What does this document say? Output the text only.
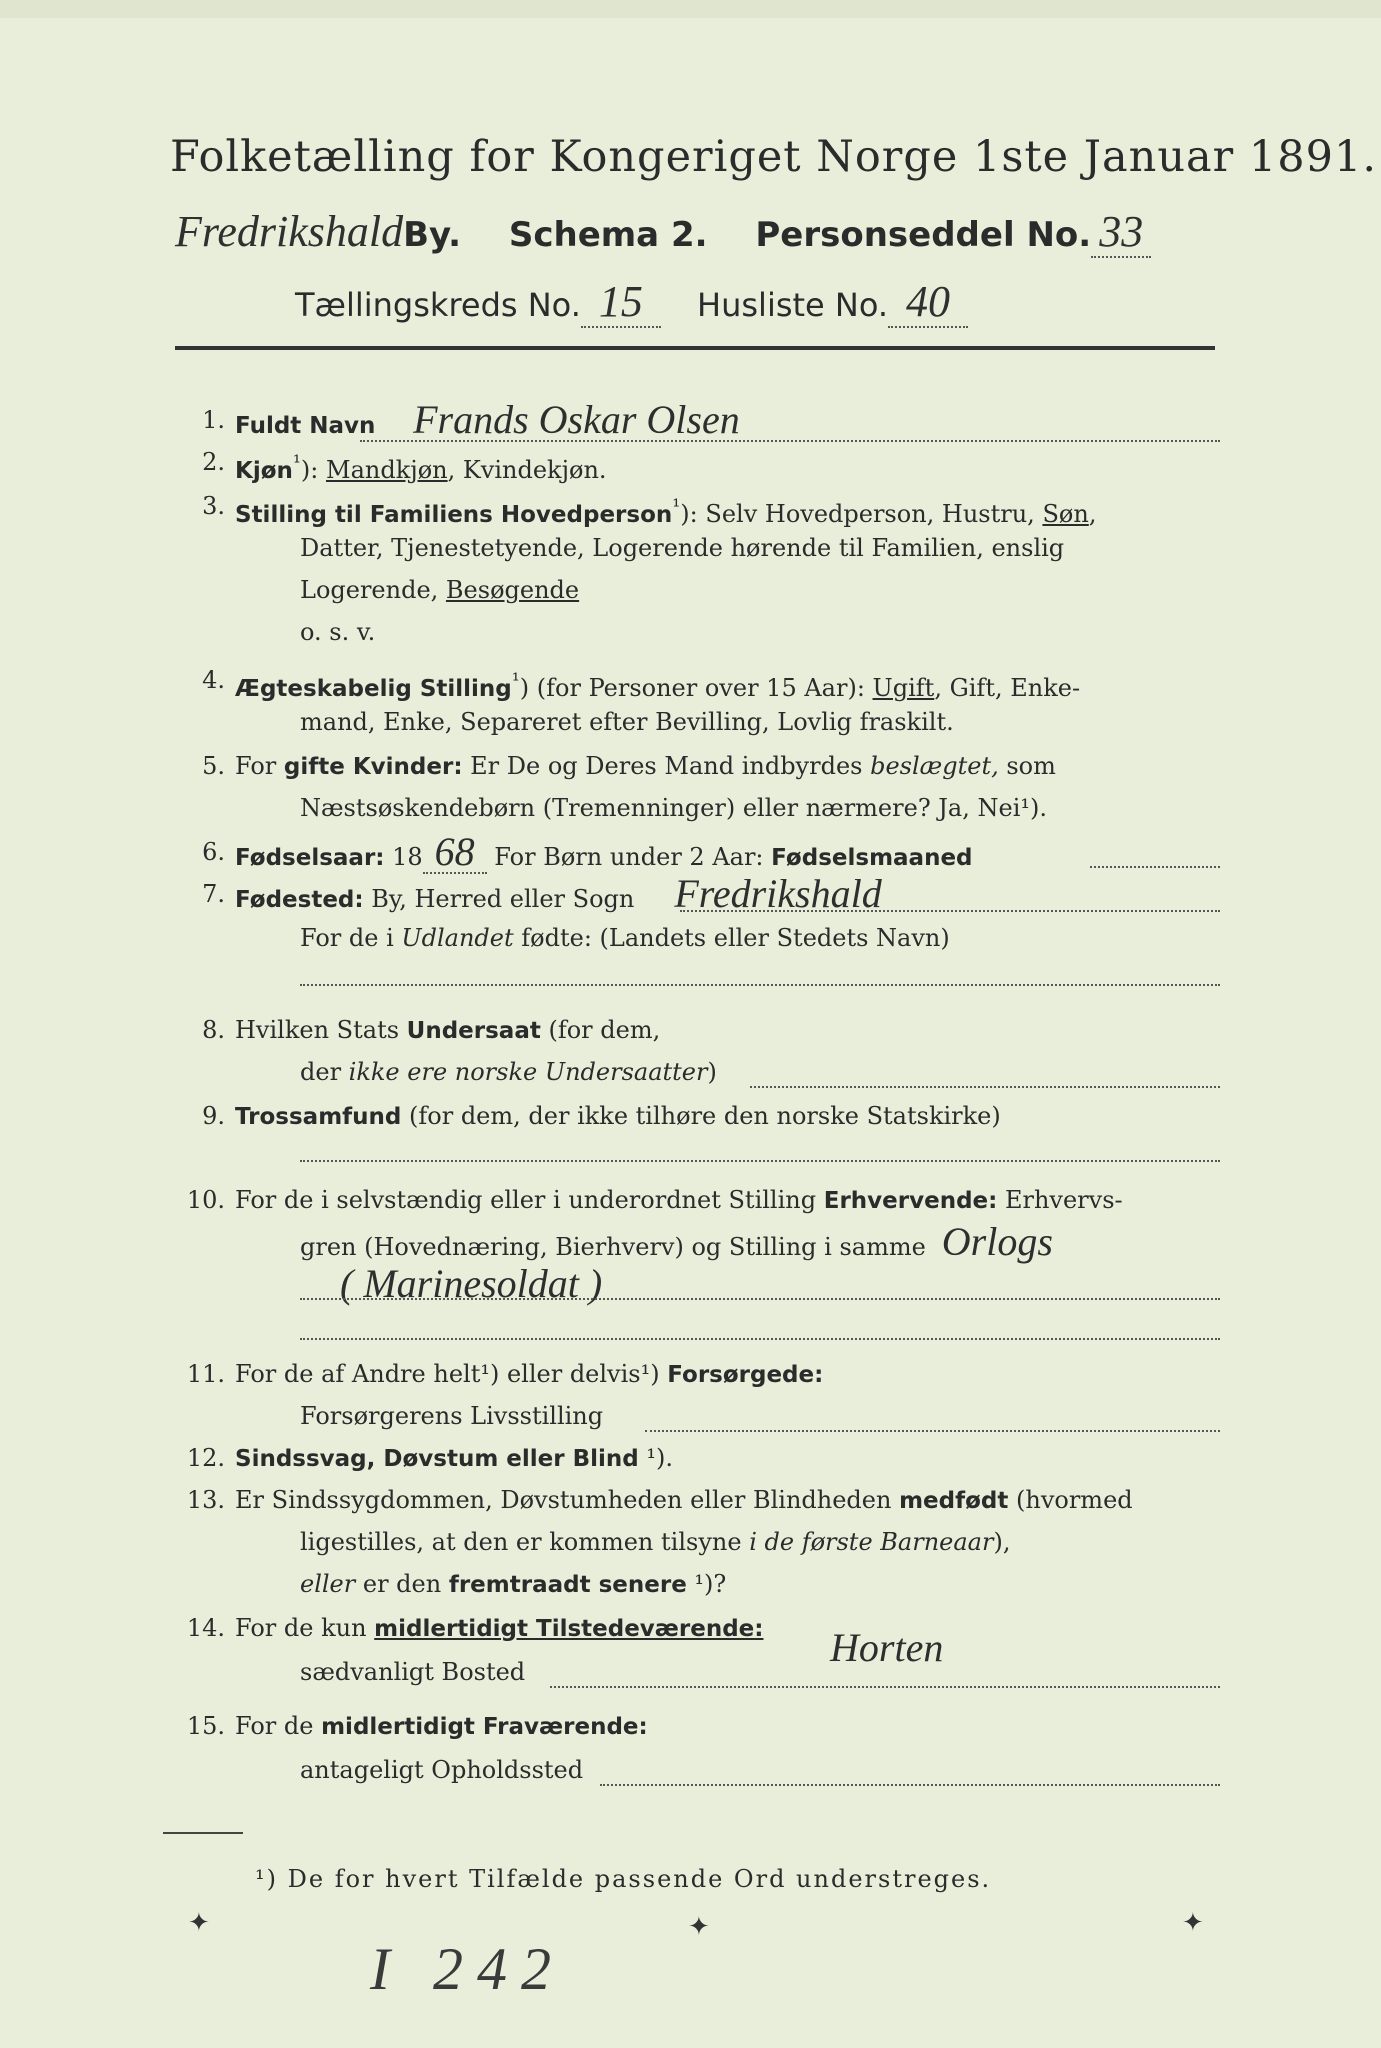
Folketælling for Kongeriget Norge 1ste Januar 1891.
FredrikshaldBy. Schema 2. Personseddel No. 33
Tællingskreds No. 15 Husliste No. 40
1. Fuldt Navn Frands Oskar Olsen
2. Kjøn$^{^1}$): Mandkjøn, Kvindekjøn.
3. Stilling til Familiens Hovedperson$^{^1}$): Selv Hovedperson, Hustru, Søn,
Datter, Tjenestetyende, Logerende hørende til Familien, enslig
Logerende, Besøgende
o. s. v.
4. Ægteskabelig Stilling$^{^1}$) (for Personer over 15 Aar): Ugift, Gift, Enke-
mand, Enke, Separeret efter Bevilling, Lovlig fraskilt.
5. For gifte Kvinder: Er De og Deres Mand indbyrdes beslægtet, som
Næstsøskendebørn (Tremenninger) eller nærmere? Ja, Nei¹).
6. Fødselsaar: 18 68 For Børn under 2 Aar: Fødselsmaaned
7. Fødested: By, Herred eller Sogn Fredrikshald
For de i Udlandet fødte: (Landets eller Stedets Navn)
8. Hvilken Stats Undersaat (for dem,
der ikke ere norske Undersaatter)
9. Trossamfund (for dem, der ikke tilhøre den norske Statskirke)
10. For de i selvstændig eller i underordnet Stilling Erhvervende: Erhvervs-
gren (Hovednæring, Bierhverv) og Stilling i samme Orlogs
( Marinesoldat )
11. For de af Andre helt¹) eller delvis¹) Forsørgede:
Forsørgerens Livsstilling
12. Sindssvag, Døvstum eller Blind ¹).
13. Er Sindssygdommen, Døvstumheden eller Blindheden medfødt (hvormed
ligestilles, at den er kommen tilsyne i de første Barneaar),
eller er den fremtraadt senere ¹)?
14. For de kun midlertidigt Tilstedeværende:
sædvanligt Bosted
Horten
15. For de midlertidigt Fraværende:
antageligt Opholdssted
¹) De for hvert Tilfælde passende Ord understreges.
✦	✦	✦
I 242
